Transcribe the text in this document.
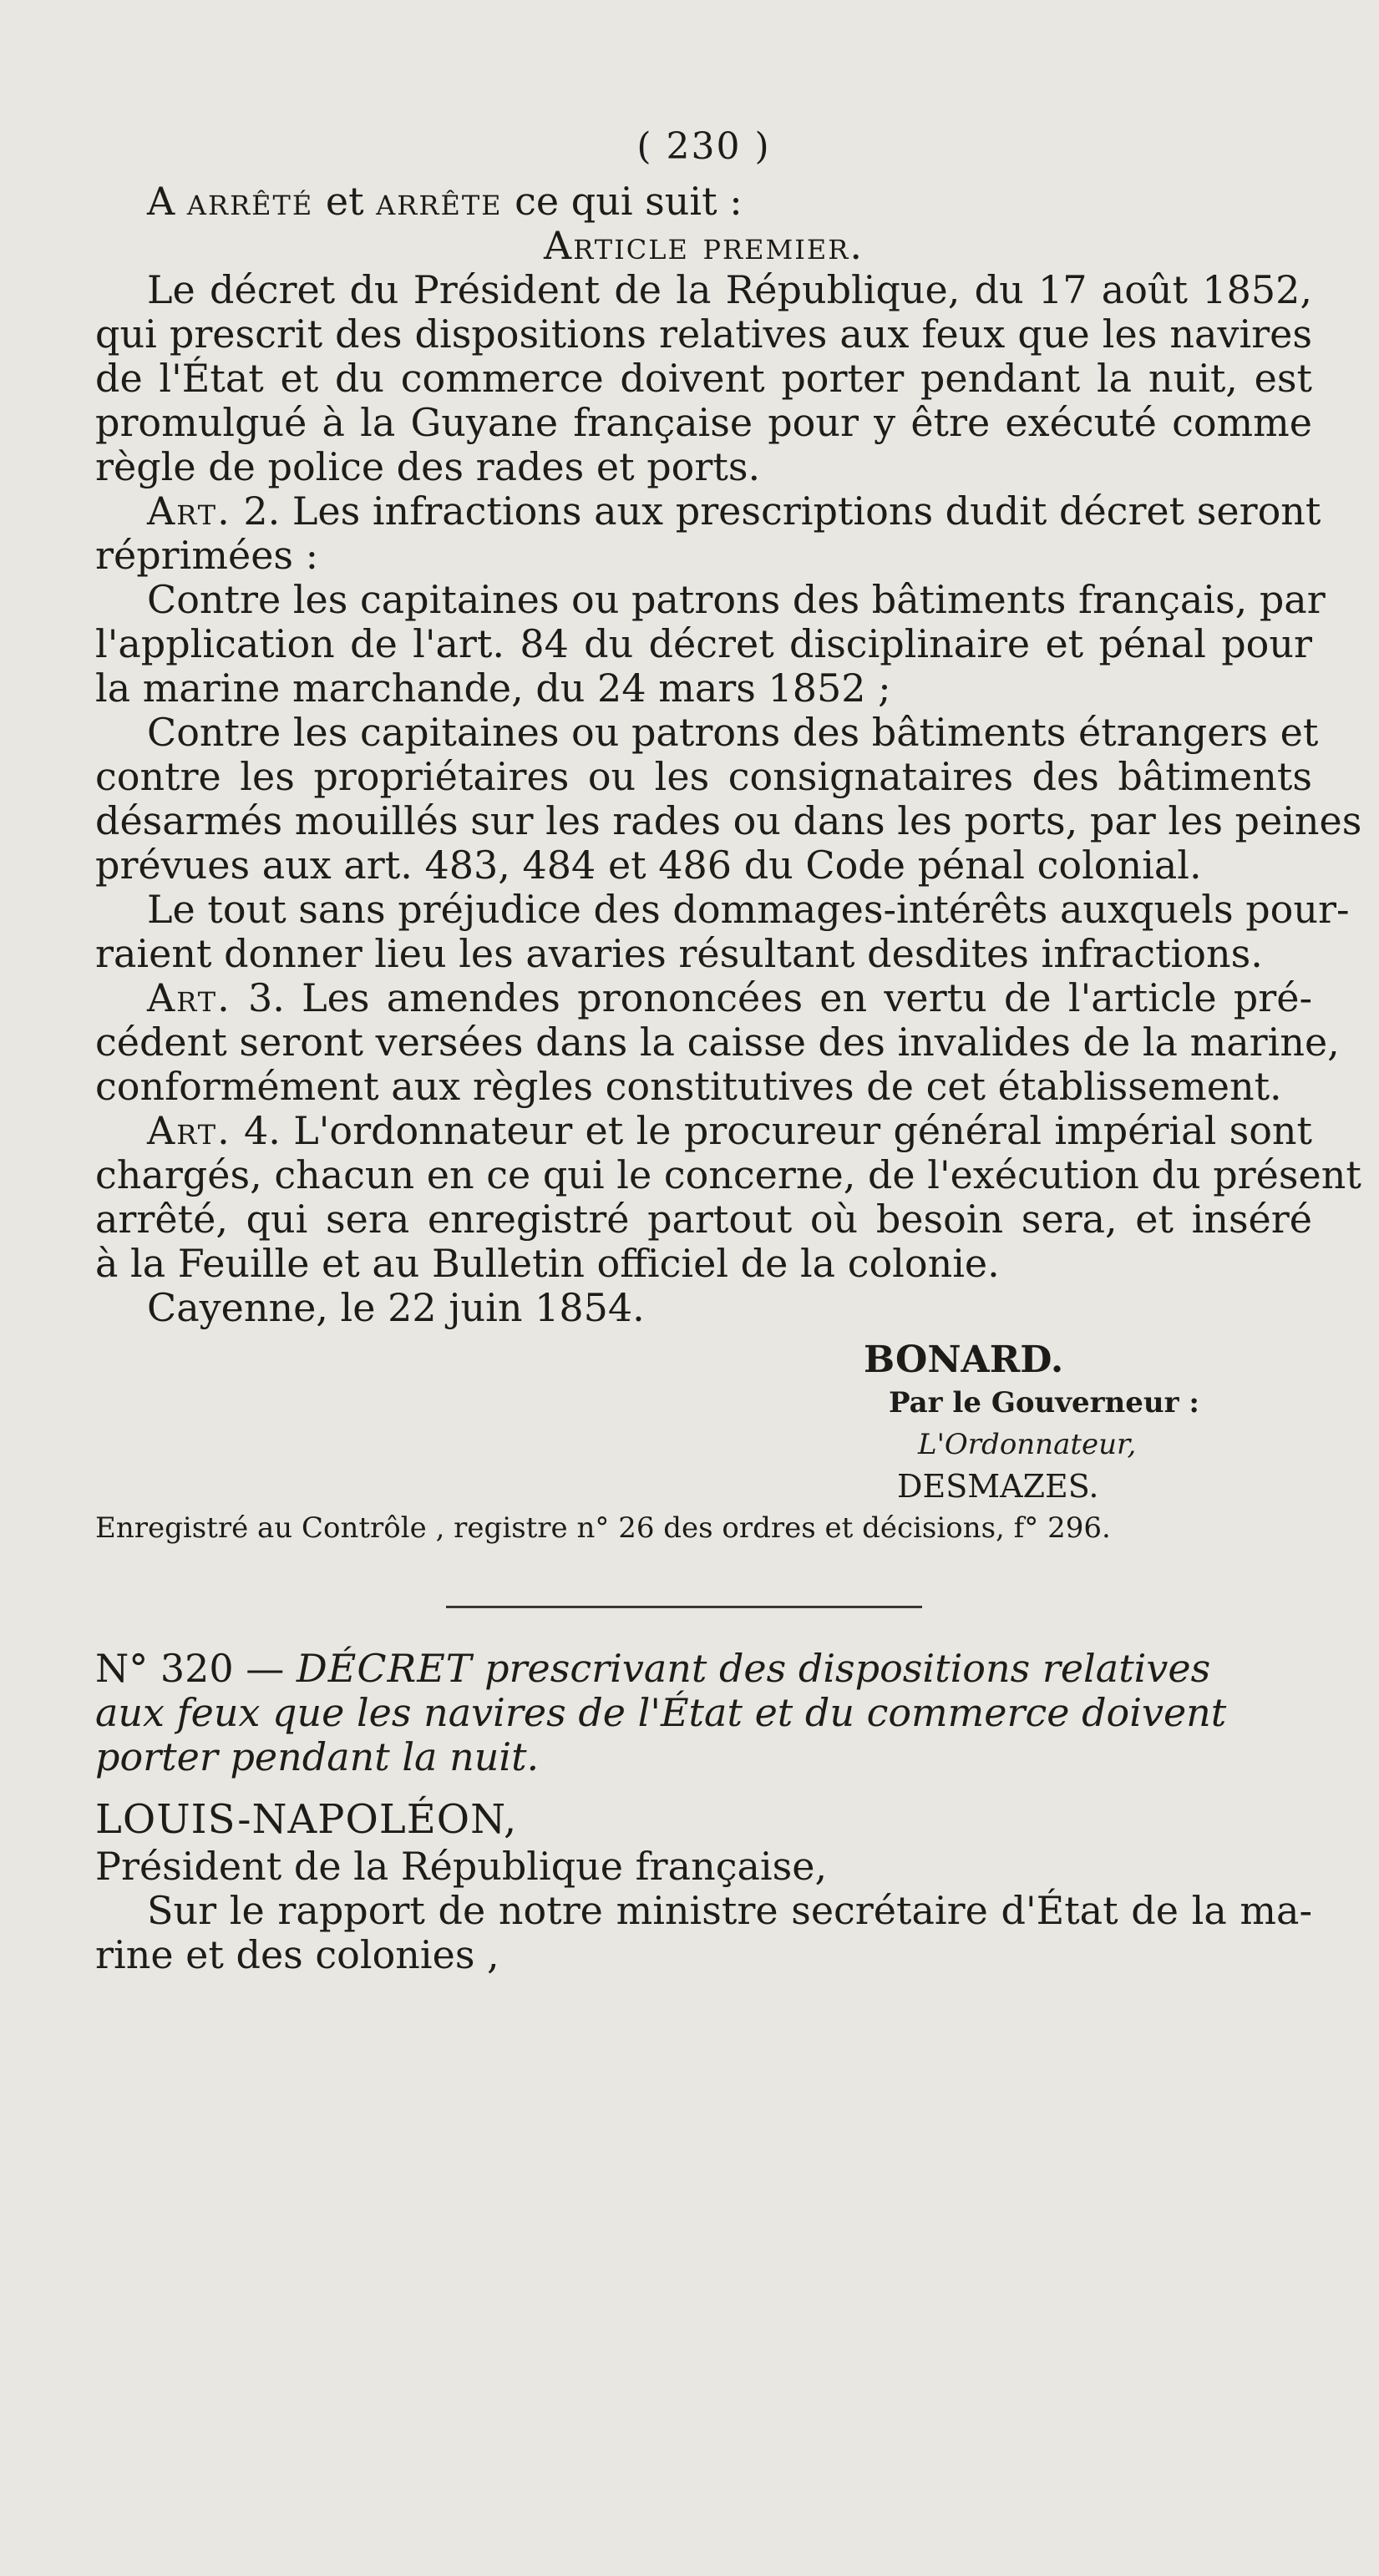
( 230 )

A arrêté et arrête ce qui suit :

Article premier.

Le décret du Président de la République, du 17 août 1852,

qui prescrit des dispositions relatives aux feux que les navires

de l'État et du commerce doivent porter pendant la nuit, est

promulgué à la Guyane française pour y être exécuté comme

règle de police des rades et ports.

Art. 2. Les infractions aux prescriptions dudit décret seront

réprimées :

Contre les capitaines ou patrons des bâtiments français, par

l'application de l'art. 84 du décret disciplinaire et pénal pour

la marine marchande, du 24 mars 1852 ;

Contre les capitaines ou patrons des bâtiments étrangers et

contre les propriétaires ou les consignataires des bâtiments

désarmés mouillés sur les rades ou dans les ports, par les peines

prévues aux art. 483, 484 et 486 du Code pénal colonial.

Le tout sans préjudice des dommages-intérêts auxquels pour-

raient donner lieu les avaries résultant desdites infractions.

Art. 3. Les amendes prononcées en vertu de l'article pré-

cédent seront versées dans la caisse des invalides de la marine,

conformément aux règles constitutives de cet établissement.

Art. 4. L'ordonnateur et le procureur général impérial sont

chargés, chacun en ce qui le concerne, de l'exécution du présent

arrêté, qui sera enregistré partout où besoin sera, et inséré

à la Feuille et au Bulletin officiel de la colonie.

Cayenne, le 22 juin 1854.

BONARD.

Par le Gouverneur :

L'Ordonnateur,

DESMAZES.

Enregistré au Contrôle , registre n° 26 des ordres et décisions, f° 296.

N° 320 — DÉCRET prescrivant des dispositions relatives

aux feux que les navires de l'État et du commerce doivent

porter pendant la nuit.

LOUIS-NAPOLÉON,

Président de la République française,

Sur le rapport de notre ministre secrétaire d'État de la ma-

rine et des colonies ,
